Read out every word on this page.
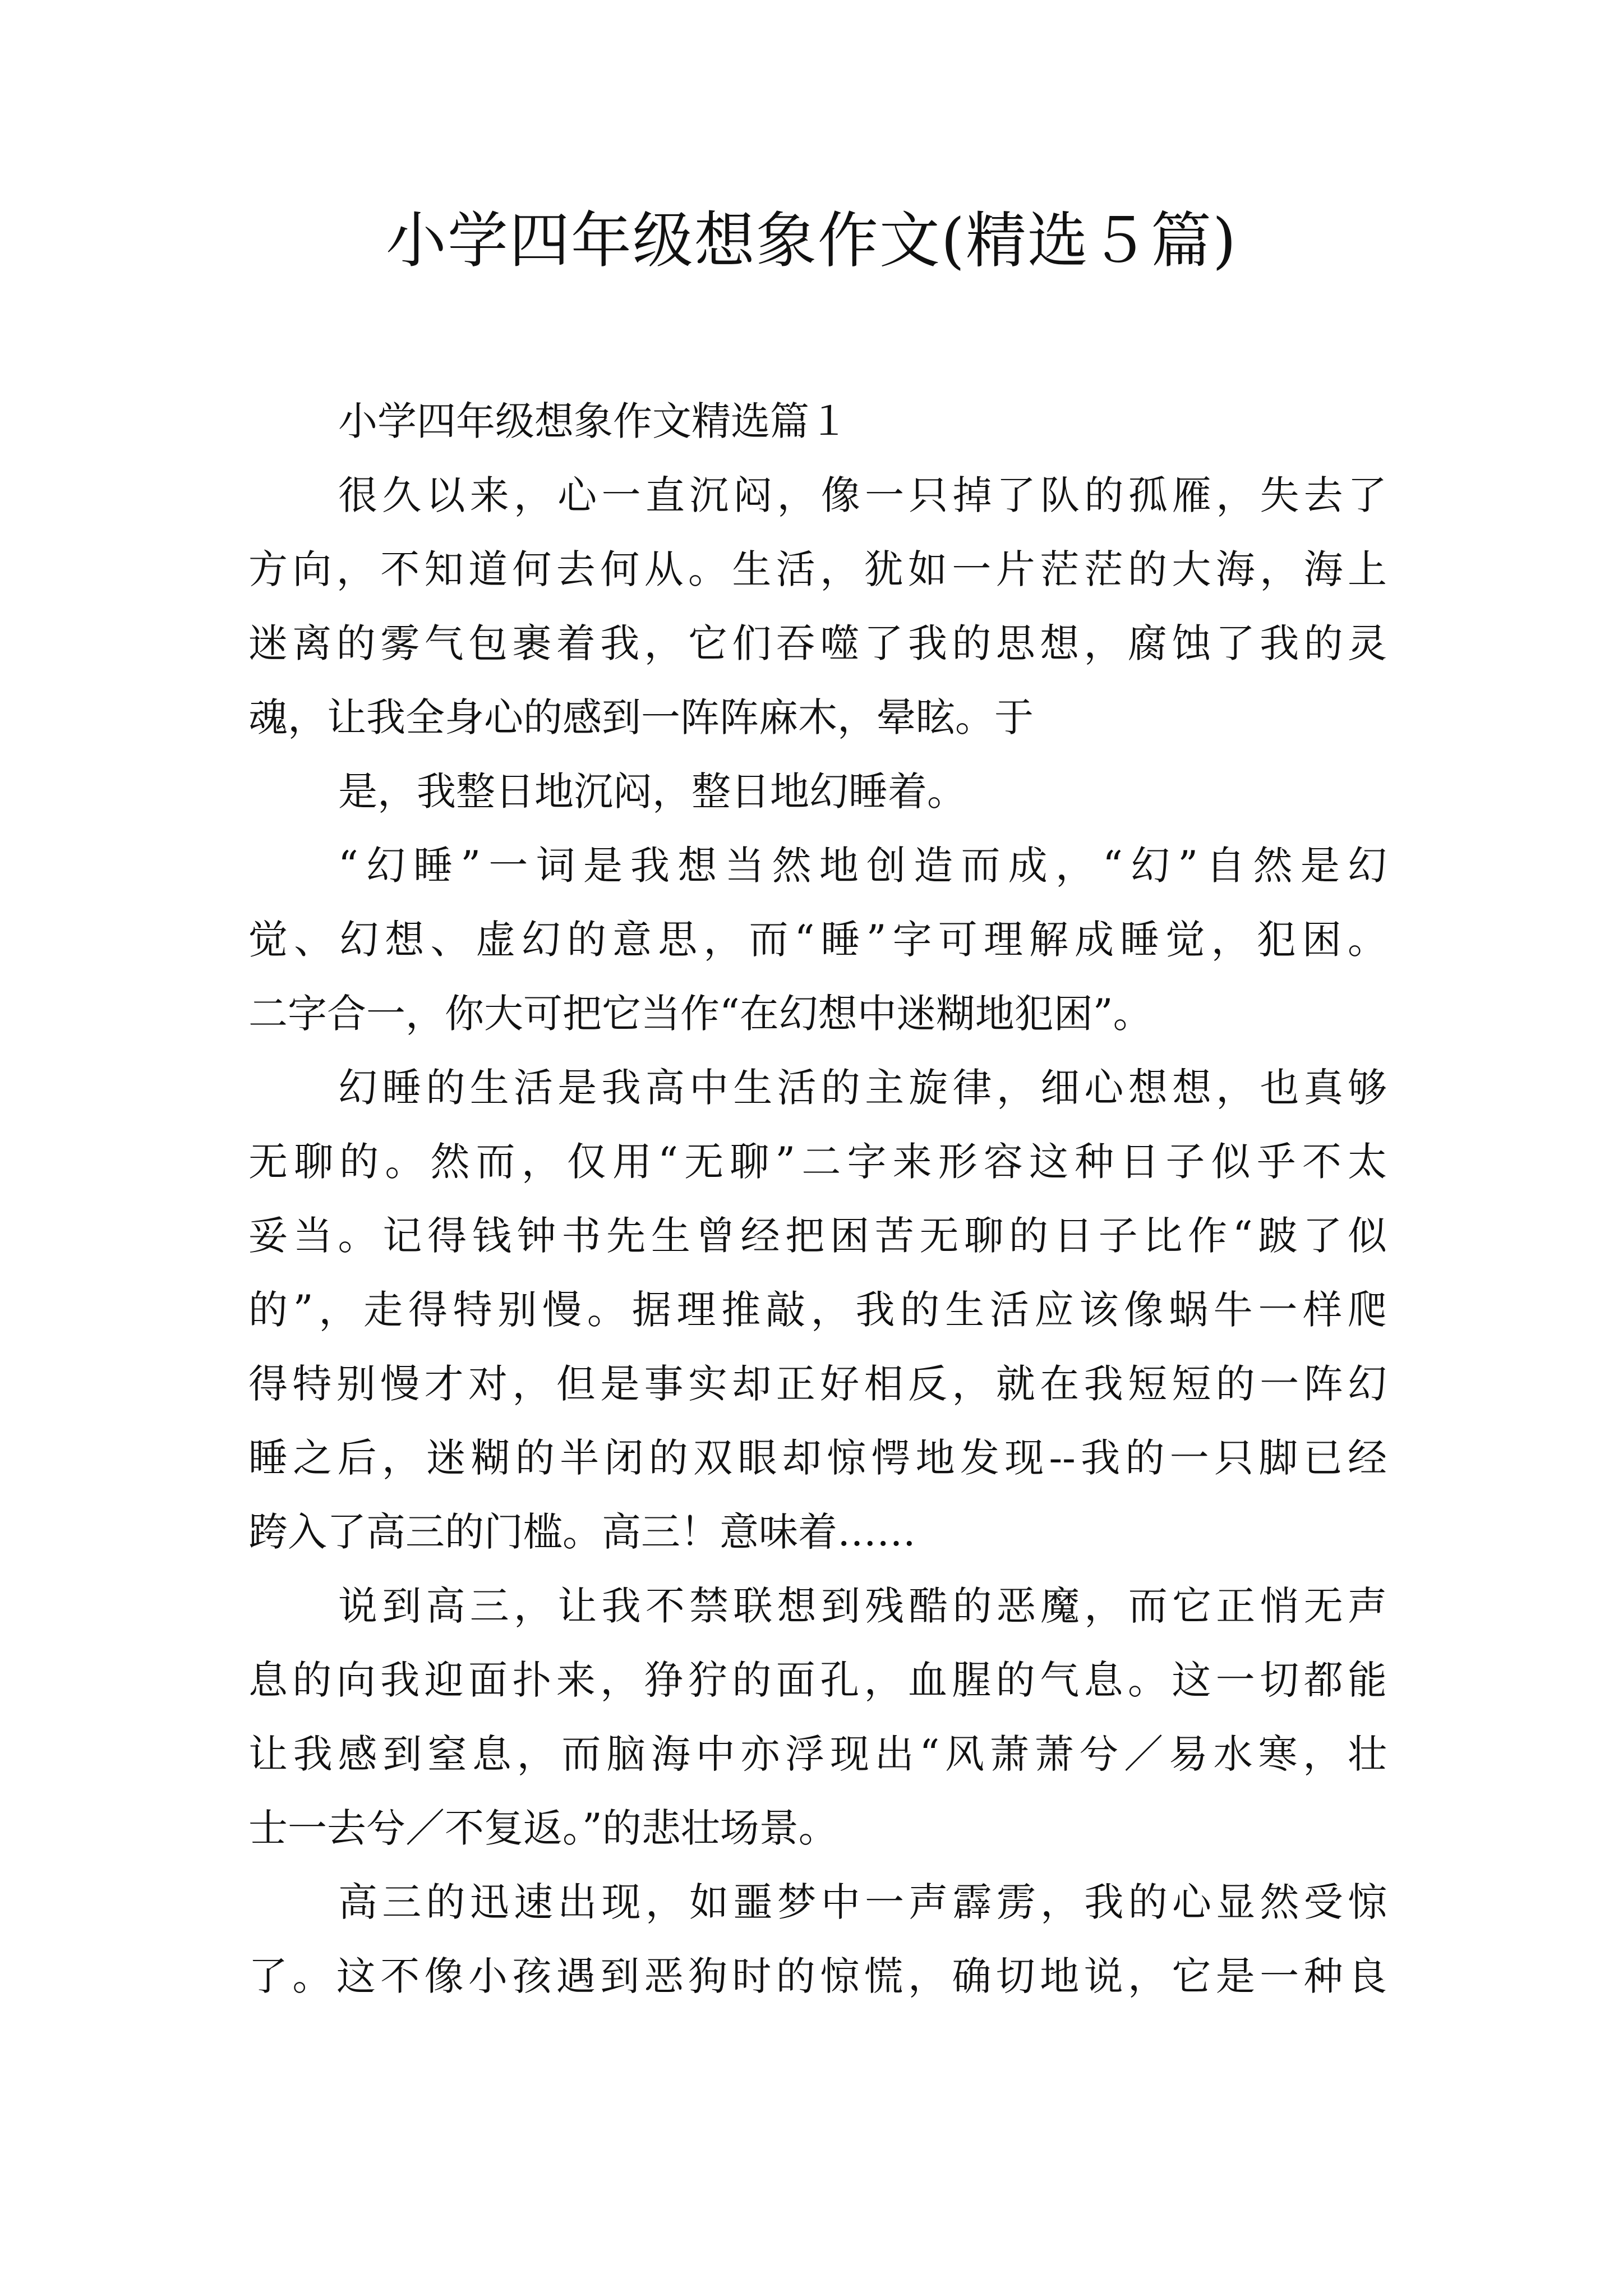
小学四年级想象作文(精选５篇)
小学四年级想象作文精选篇１
很久以来，心一直沉闷，像一只掉了队的孤雁，失去了
方向，不知道何去何从。生活，犹如一片茫茫的大海，海上
迷离的雾气包裹着我，它们吞噬了我的思想，腐蚀了我的灵
魂，让我全身心的感到一阵阵麻木，晕眩。于
是，我整日地沉闷，整日地幻睡着。
“幻睡”一词是我想当然地创造而成，“幻”自然是幻
觉、幻想、虚幻的意思，而“睡”字可理解成睡觉，犯困。
二字合一，你大可把它当作“在幻想中迷糊地犯困”。
幻睡的生活是我高中生活的主旋律，细心想想，也真够
无聊的。然而，仅用“无聊”二字来形容这种日子似乎不太
妥当。记得钱钟书先生曾经把困苦无聊的日子比作“跛了似
的”，走得特别慢。据理推敲，我的生活应该像蜗牛一样爬
得特别慢才对，但是事实却正好相反，就在我短短的一阵幻
睡之后，迷糊的半闭的双眼却惊愕地发现--我的一只脚已经
跨入了高三的门槛。高三！意味着……
说到高三，让我不禁联想到残酷的恶魔，而它正悄无声
息的向我迎面扑来，狰狞的面孔，血腥的气息。这一切都能
让我感到窒息，而脑海中亦浮现出“风萧萧兮／易水寒，壮
士一去兮／不复返。”的悲壮场景。
高三的迅速出现，如噩梦中一声霹雳，我的心显然受惊
了。这不像小孩遇到恶狗时的惊慌，确切地说，它是一种良
